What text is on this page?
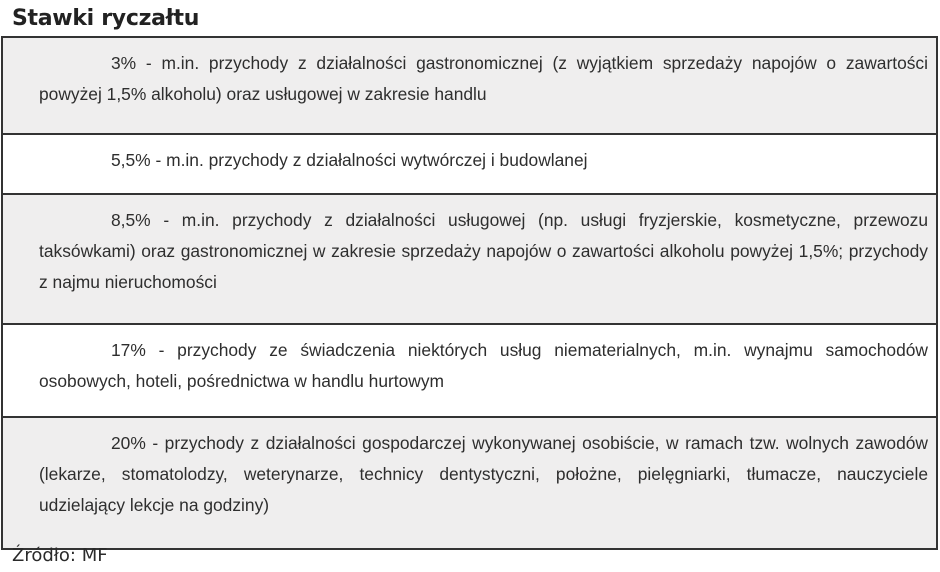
Stawki ryczałtu
3% - m.in. przychody z działalności gastronomicznej (z wyjątkiem sprzedaży napojów o zawartości powyżej 1,5% alkoholu) oraz usługowej w zakresie handlu
5,5% - m.in. przychody z działalności wytwórczej i budowlanej
8,5% - m.in. przychody z działalności usługowej (np. usługi fryzjerskie, kosmetyczne, przewozu taksówkami) oraz gastronomicznej w zakresie sprzedaży napojów o zawartości alkoholu powyżej 1,5%; przychody z najmu nieruchomości
17% - przychody ze świadczenia niektórych usług niematerialnych, m.in. wynajmu samochodów osobowych, hoteli, pośrednictwa w handlu hurtowym
20% - przychody z działalności gospodarczej wykonywanej osobiście, w ramach tzw. wolnych zawodów (lekarze, stomatolodzy, weterynarze, technicy dentystyczni, położne, pielęgniarki, tłumacze, nauczyciele udzielający lekcje na godziny)
Źródło: MF
